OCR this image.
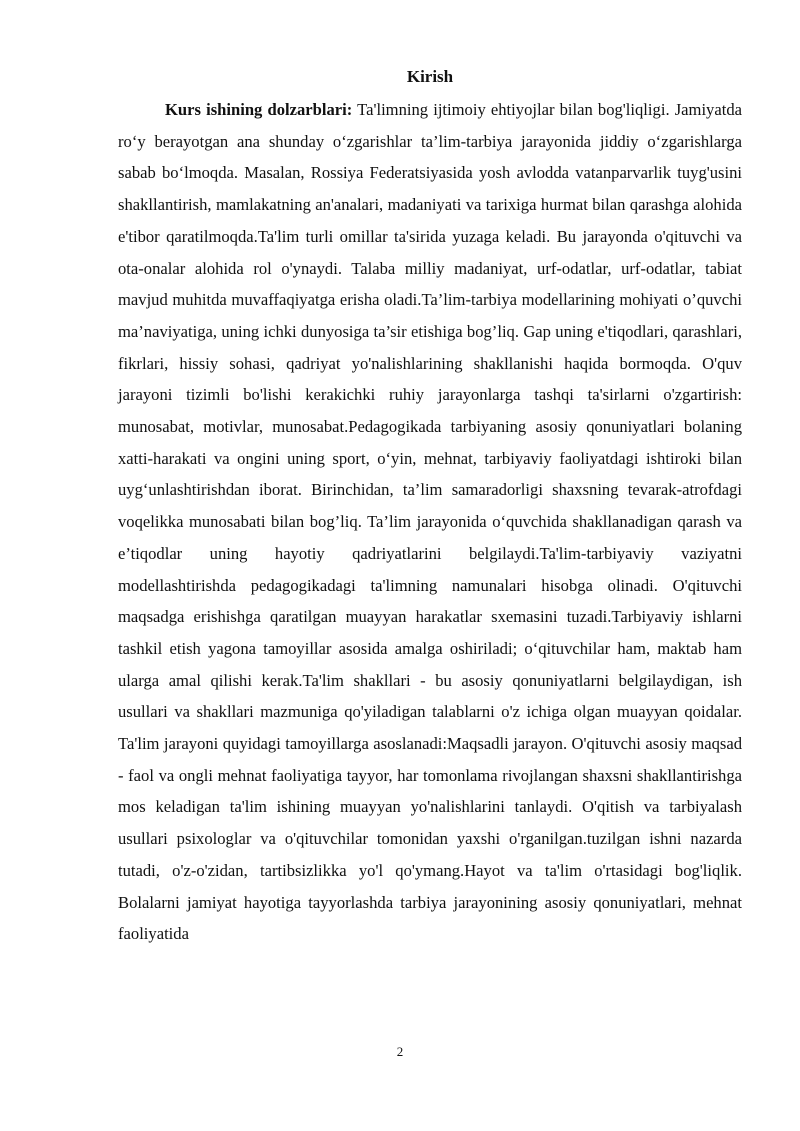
Kirish

Kurs ishining dolzarblari: Ta'limning ijtimoiy ehtiyojlar bilan bog'liqligi. Jamiyatda ro‘y berayotgan ana shunday o‘zgarishlar ta’lim-tarbiya jarayonida jiddiy o‘zgarishlarga sabab bo‘lmoqda. Masalan, Rossiya Federatsiyasida yosh avlodda vatanparvarlik tuyg'usini shakllantirish, mamlakatning an'analari, madaniyati va tarixiga hurmat bilan qarashga alohida e'tibor qaratilmoqda.Ta'lim turli omillar ta'sirida yuzaga keladi. Bu jarayonda o'qituvchi va ota-onalar alohida rol o'ynaydi. Talaba milliy madaniyat, urf-odatlar, urf-odatlar, tabiat mavjud muhitda muvaffaqiyatga erisha oladi.Ta’lim-tarbiya modellarining mohiyati o’quvchi ma’naviyatiga, uning ichki dunyosiga ta’sir etishiga bog’liq. Gap uning e'tiqodlari, qarashlari, fikrlari, hissiy sohasi, qadriyat yo'nalishlarining shakllanishi haqida bormoqda. O'quv jarayoni tizimli bo'lishi kerakichki ruhiy jarayonlarga tashqi ta'sirlarni o'zgartirish: munosabat, motivlar, munosabat.Pedagogikada tarbiyaning asosiy qonuniyatlari bolaning xatti-harakati va ongini uning sport, o‘yin, mehnat, tarbiyaviy faoliyatdagi ishtiroki bilan uyg‘unlashtirishdan iborat. Birinchidan, ta’lim samaradorligi shaxsning tevarak-atrofdagi voqelikka munosabati bilan bog’liq. Ta’lim jarayonida o‘quvchida shakllanadigan qarash va e’tiqodlar uning hayotiy qadriyatlarini belgilaydi.Ta'lim-tarbiyaviy vaziyatni modellashtirishda pedagogikadagi ta'limning namunalari hisobga olinadi. O'qituvchi maqsadga erishishga qaratilgan muayyan harakatlar sxemasini tuzadi.Tarbiyaviy ishlarni tashkil etish yagona tamoyillar asosida amalga oshiriladi; o‘qituvchilar ham, maktab ham ularga amal qilishi kerak.Ta'lim shakllari - bu asosiy qonuniyatlarni belgilaydigan, ish usullari va shakllari mazmuniga qo'yiladigan talablarni o'z ichiga olgan muayyan qoidalar. Ta'lim jarayoni quyidagi tamoyillarga asoslanadi:Maqsadli jarayon. O'qituvchi asosiy maqsad - faol va ongli mehnat faoliyatiga tayyor, har tomonlama rivojlangan shaxsni shakllantirishga mos keladigan ta'lim ishining muayyan yo'nalishlarini tanlaydi. O'qitish va tarbiyalash usullari psixologlar va o'qituvchilar tomonidan yaxshi o'rganilgan.tuzilgan ishni nazarda tutadi, o'z-o'zidan, tartibsizlikka yo'l qo'ymang.Hayot va ta'lim o'rtasidagi bog'liqlik. Bolalarni jamiyat hayotiga tayyorlashda tarbiya jarayonining asosiy qonuniyatlari, mehnat faoliyatida

2
